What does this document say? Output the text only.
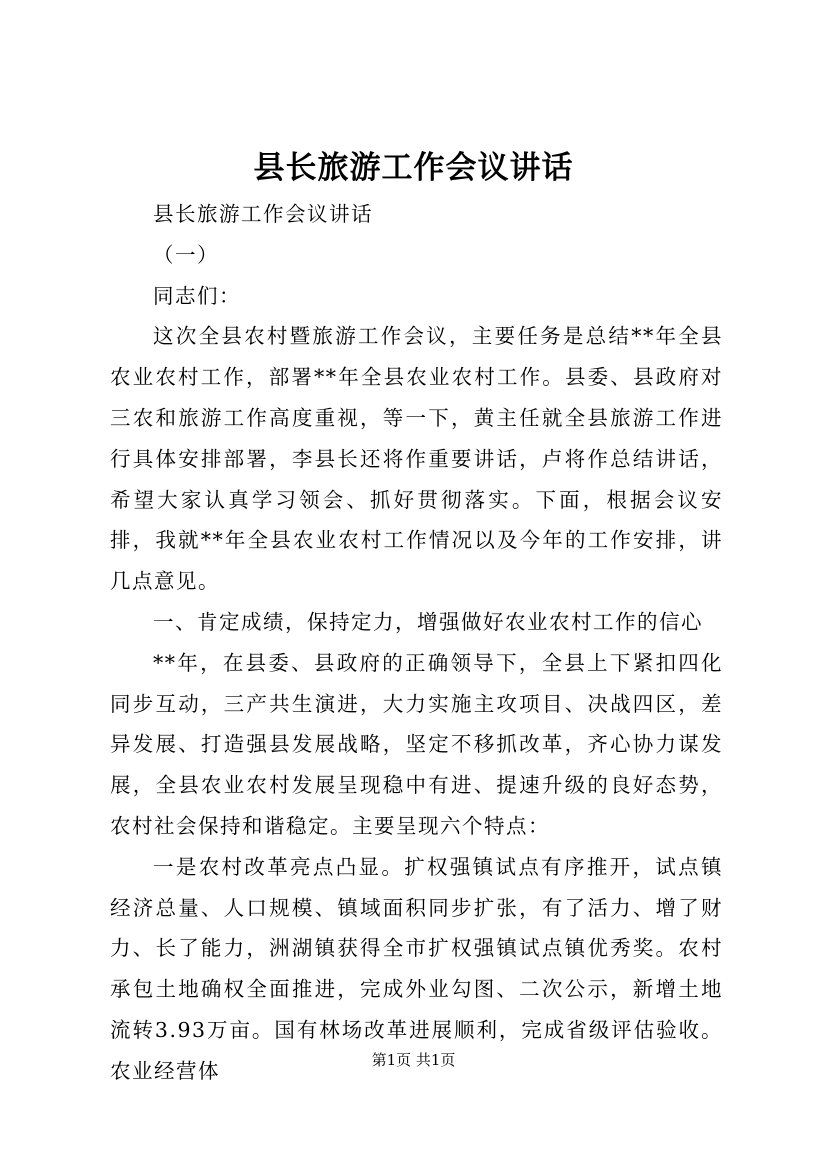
县长旅游工作会议讲话

县长旅游工作会议讲话

（一）

同志们：

这次全县农村暨旅游工作会议，主要任务是总结**年全县农业农村工作，部署**年全县农业农村工作。县委、县政府对三农和旅游工作高度重视，等一下，黄主任就全县旅游工作进行具体安排部署，李县长还将作重要讲话，卢将作总结讲话，希望大家认真学习领会、抓好贯彻落实。下面，根据会议安排，我就**年全县农业农村工作情况以及今年的工作安排，讲几点意见。

一、肯定成绩，保持定力，增强做好农业农村工作的信心

**年，在县委、县政府的正确领导下，全县上下紧扣四化同步互动，三产共生演进，大力实施主攻项目、决战四区，差异发展、打造强县发展战略，坚定不移抓改革，齐心协力谋发展，全县农业农村发展呈现稳中有进、提速升级的良好态势，农村社会保持和谐稳定。主要呈现六个特点：

一是农村改革亮点凸显。扩权强镇试点有序推开，试点镇经济总量、人口规模、镇域面积同步扩张，有了活力、增了财力、长了能力，洲湖镇获得全市扩权强镇试点镇优秀奖。农村承包土地确权全面推进，完成外业勾图、二次公示，新增土地流转3.93万亩。国有林场改革进展顺利，完成省级评估验收。农业经营体	第1页 共1页
